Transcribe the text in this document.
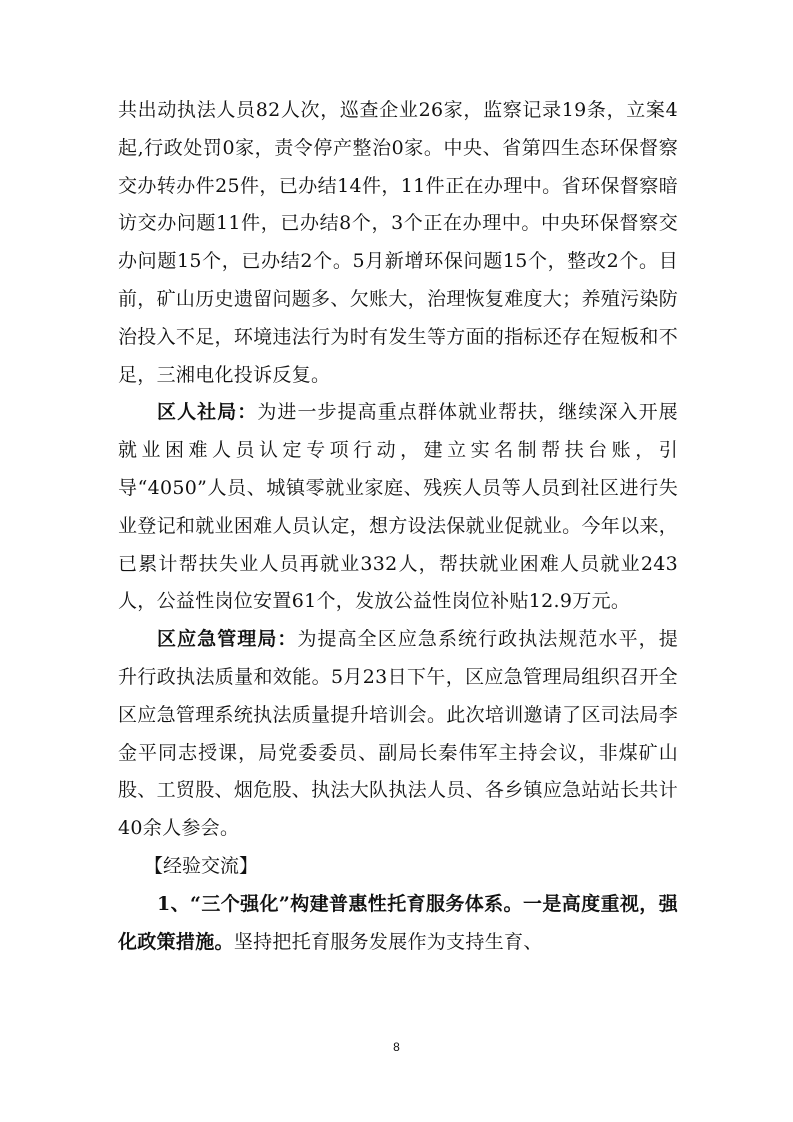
共出动执法人员82人次，巡查企业26家，监察记录19条，立案4起,行政处罚0家，责令停产整治0家。中央、省第四生态环保督察交办转办件25件，已办结14件，11件正在办理中。省环保督察暗访交办问题11件，已办结8个，3个正在办理中。中央环保督察交办问题15个，已办结2个。5月新增环保问题15个，整改2个。目前，矿山历史遗留问题多、欠账大，治理恢复难度大；养殖污染防治投入不足，环境违法行为时有发生等方面的指标还存在短板和不足，三湘电化投诉反复。

区人社局：为进一步提高重点群体就业帮扶，继续深入开展就业困难人员认定专项行动，建立实名制帮扶台账，引导“4050”人员、城镇零就业家庭、残疾人员等人员到社区进行失业登记和就业困难人员认定，想方设法保就业促就业。今年以来，已累计帮扶失业人员再就业332人，帮扶就业困难人员就业243 人，公益性岗位安置61个，发放公益性岗位补贴12.9万元。

区应急管理局：为提高全区应急系统行政执法规范水平，提升行政执法质量和效能。5月23日下午，区应急管理局组织召开全区应急管理系统执法质量提升培训会。此次培训邀请了区司法局李金平同志授课，局党委委员、副局长秦伟军主持会议，非煤矿山股、工贸股、烟危股、执法大队执法人员、各乡镇应急站站长共计40余人参会。

【经验交流】

1、“三个强化”构建普惠性托育服务体系。一是高度重视，强化政策措施。坚持把托育服务发展作为支持生育、

8
